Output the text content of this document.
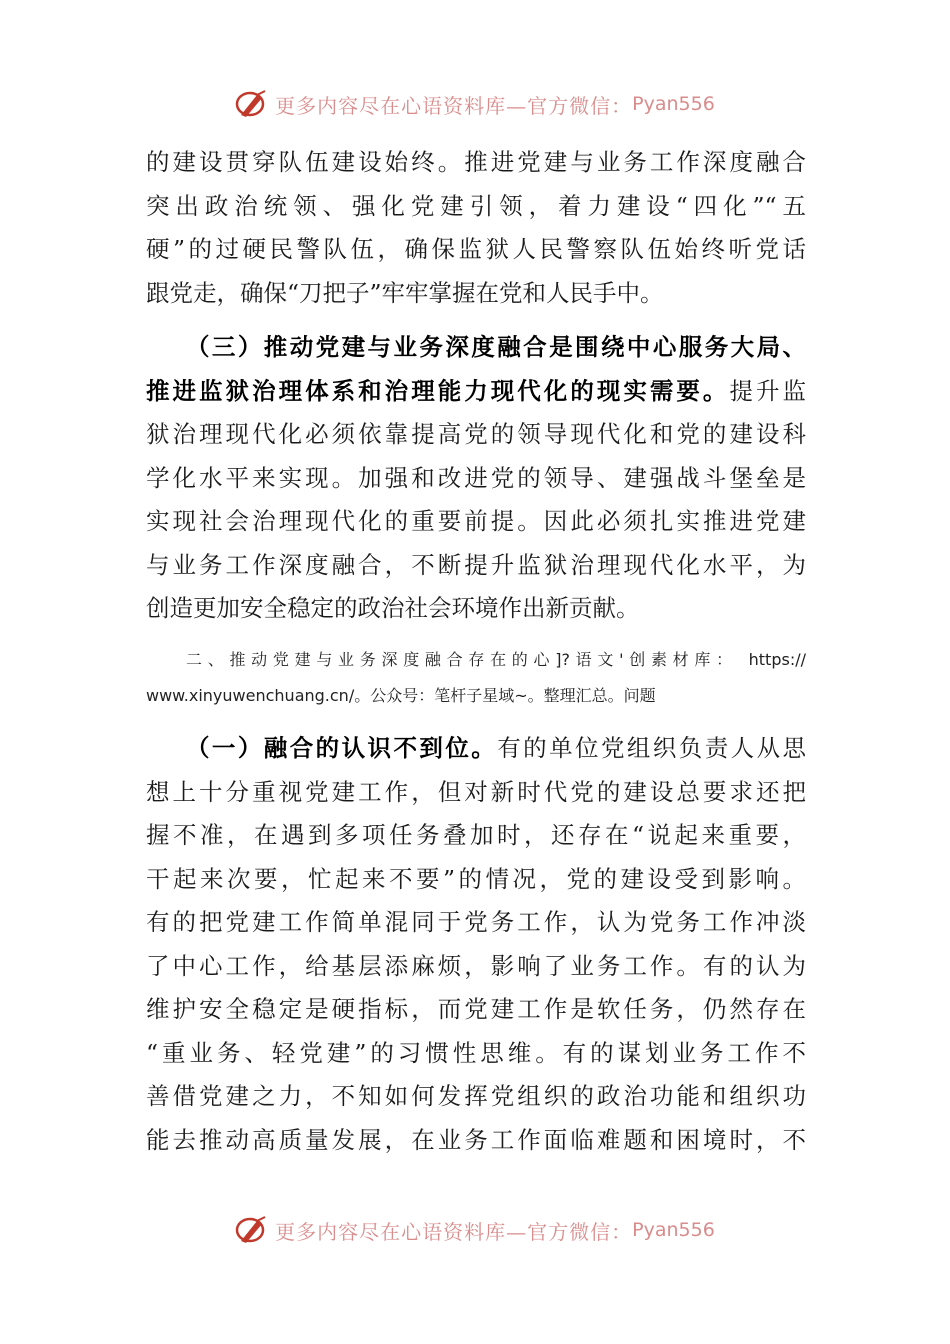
更多内容尽在心语资料库—官方微信： Pyan556
的建设贯穿队伍建设始终。推进党建与业务工作深度融合
突出政治统领、强化党建引领，着力建设“四化”“五
硬”的过硬民警队伍，确保监狱人民警察队伍始终听党话
跟党走，确保“刀把子”牢牢掌握在党和人民手中。
（三）推动党建与业务深度融合是围绕中心服务大局、
推进监狱治理体系和治理能力现代化的现实需要。提升监
狱治理现代化必须依靠提高党的领导现代化和党的建设科
学化水平来实现。加强和改进党的领导、建强战斗堡垒是
实现社会治理现代化的重要前提。因此必须扎实推进党建
与业务工作深度融合，不断提升监狱治理现代化水平，为
创造更加安全稳定的政治社会环境作出新贡献。
二、推动党建与业务深度融合存在的心]?语文'创素材库： https://
www.xinyuwenchuang.cn/。公众号：笔杆子星域~。整理汇总。问题
（一）融合的认识不到位。有的单位党组织负责人从思
想上十分重视党建工作，但对新时代党的建设总要求还把
握不准，在遇到多项任务叠加时，还存在“说起来重要，
干起来次要，忙起来不要”的情况，党的建设受到影响。
有的把党建工作简单混同于党务工作，认为党务工作冲淡
了中心工作，给基层添麻烦，影响了业务工作。有的认为
维护安全稳定是硬指标，而党建工作是软任务，仍然存在
“重业务、轻党建”的习惯性思维。有的谋划业务工作不
善借党建之力，不知如何发挥党组织的政治功能和组织功
能去推动高质量发展，在业务工作面临难题和困境时，不
更多内容尽在心语资料库—官方微信： Pyan556
